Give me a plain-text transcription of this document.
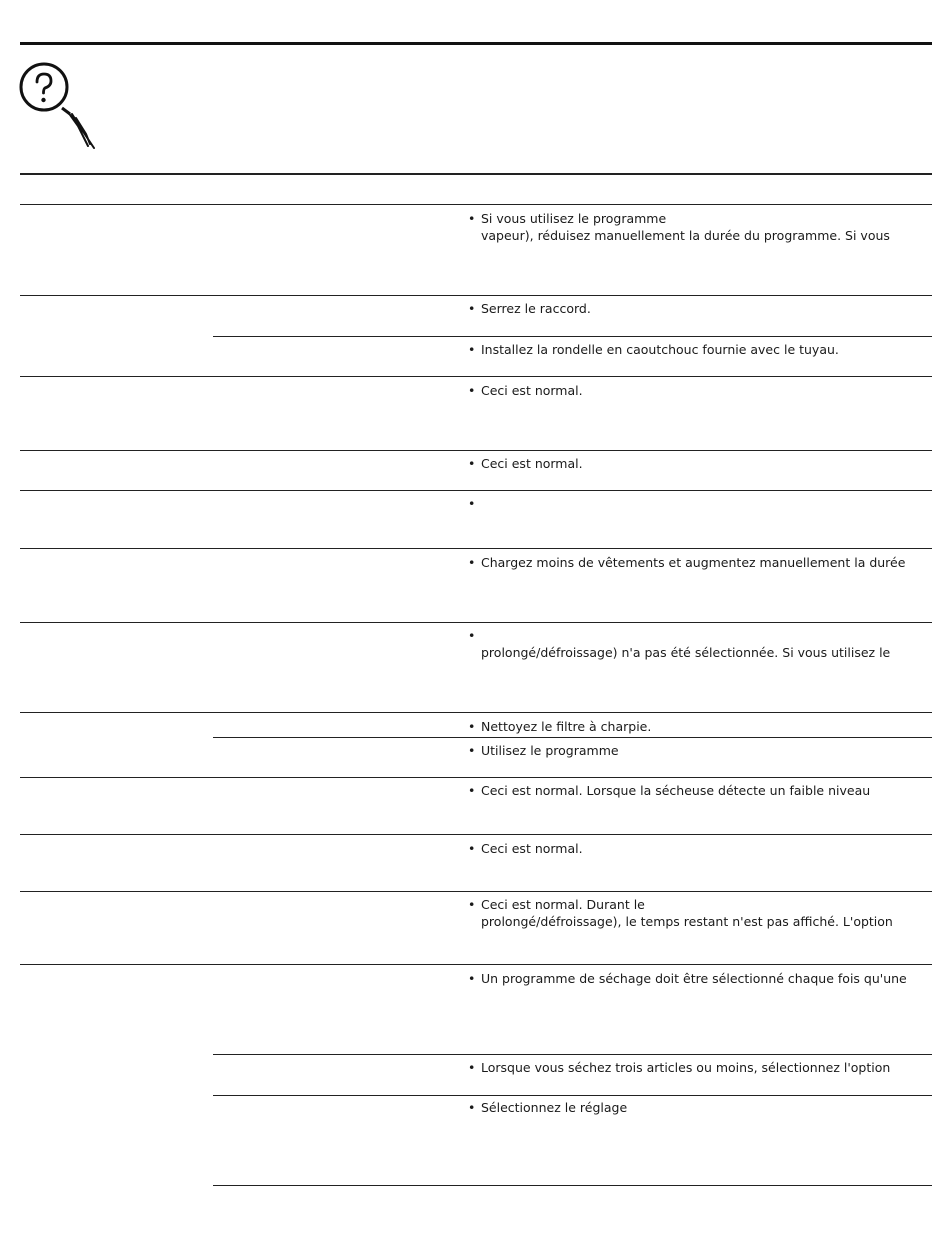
• Si vous utilisez le programme
vapeur), réduisez manuellement la durée du programme. Si vous
• Serrez le raccord.
• Installez la rondelle en caoutchouc fournie avec le tuyau.
• Ceci est normal.
• Ceci est normal.
•
• Chargez moins de vêtements et augmentez manuellement la durée
•
prolongé/défroissage) n'a pas été sélectionnée. Si vous utilisez le
• Nettoyez le filtre à charpie.
• Utilisez le programme
• Ceci est normal. Lorsque la sécheuse détecte un faible niveau
• Ceci est normal.
• Ceci est normal. Durant le
prolongé/défroissage), le temps restant n'est pas affiché. L'option
• Un programme de séchage doit être sélectionné chaque fois qu'une
• Lorsque vous séchez trois articles ou moins, sélectionnez l'option
• Sélectionnez le réglage
